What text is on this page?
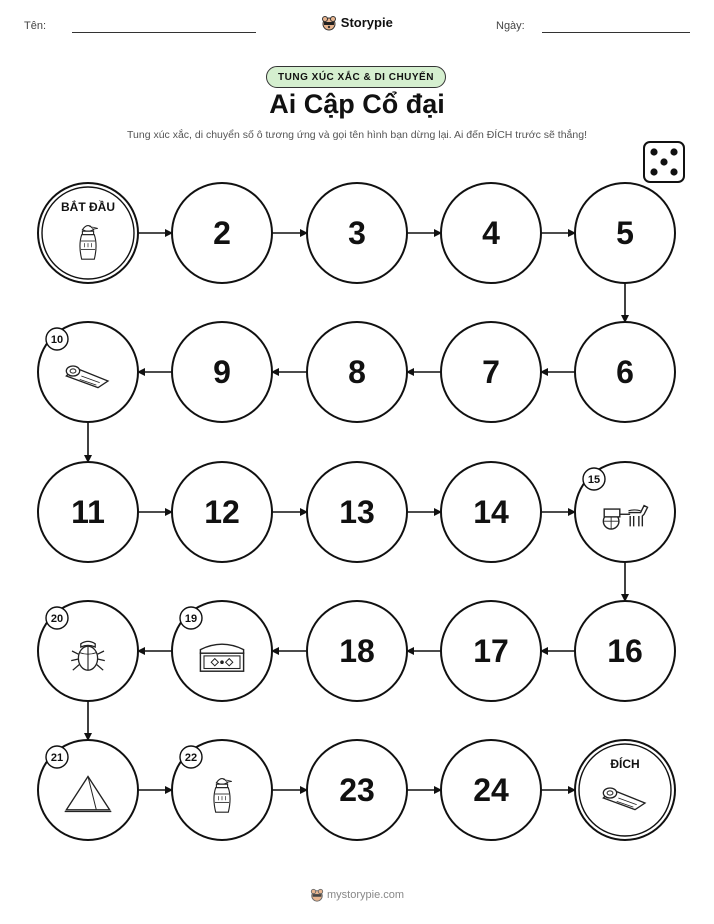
Tên:	Storypie	Ngày:
TUNG XÚC XẮC & DI CHUYỂN
Ai Cập Cổ đại
Tung xúc xắc, di chuyển số ô tương ứng và gọi tên hình bạn dừng lại. Ai đến ĐÍCH trước sẽ thắng!
BẮT ĐẦU
2	3	4	5
6
7
8
9
10
11	12	13	14
15
16
17
18
19
20
21	22
23	24
ĐÍCH
mystorypie.com
